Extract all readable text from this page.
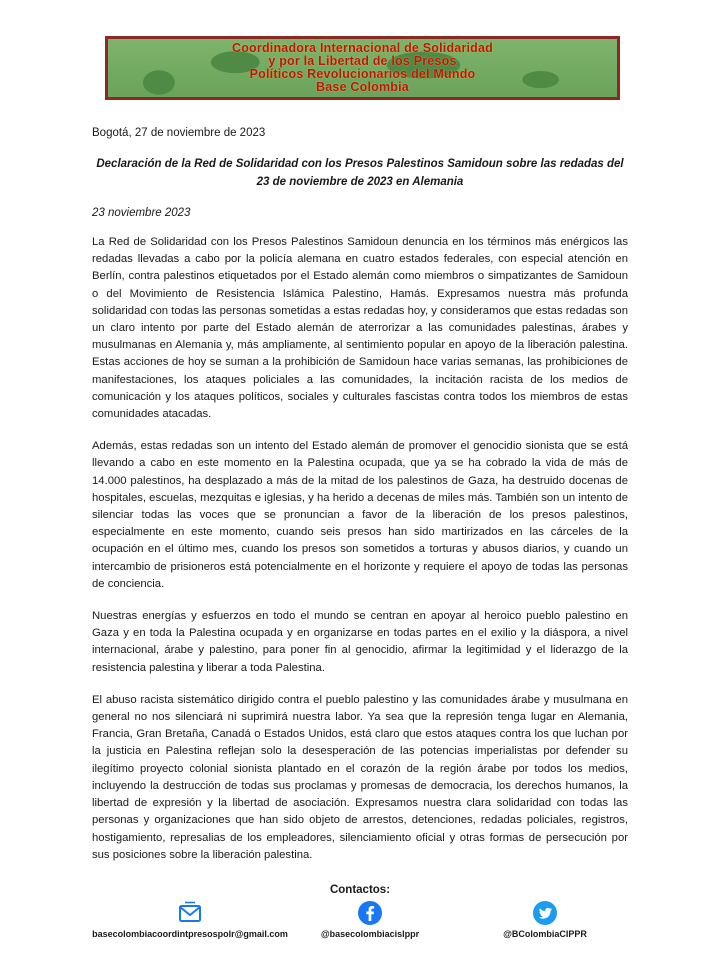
Coordinadora Internacional de Solidaridad
y por la Libertad de los Presos
Políticos Revolucionarios del Mundo
Base Colombia
Bogotá, 27 de noviembre de 2023
Declaración de la Red de Solidaridad con los Presos Palestinos Samidoun sobre las redadas del 23 de noviembre de 2023 en Alemania
23 noviembre 2023

La Red de Solidaridad con los Presos Palestinos Samidoun denuncia en los términos más enérgicos las redadas llevadas a cabo por la policía alemana en cuatro estados federales, con especial atención en Berlín, contra palestinos etiquetados por el Estado alemán como miembros o simpatizantes de Samidoun o del Movimiento de Resistencia Islámica Palestino, Hamás. Expresamos nuestra más profunda solidaridad con todas las personas sometidas a estas redadas hoy, y consideramos que estas redadas son un claro intento por parte del Estado alemán de aterrorizar a las comunidades palestinas, árabes y musulmanas en Alemania y, más ampliamente, al sentimiento popular en apoyo de la liberación palestina. Estas acciones de hoy se suman a la prohibición de Samidoun hace varias semanas, las prohibiciones de manifestaciones, los ataques policiales a las comunidades, la incitación racista de los medios de comunicación y los ataques políticos, sociales y culturales fascistas contra todos los miembros de estas comunidades atacadas.

Además, estas redadas son un intento del Estado alemán de promover el genocidio sionista que se está llevando a cabo en este momento en la Palestina ocupada, que ya se ha cobrado la vida de más de 14.000 palestinos, ha desplazado a más de la mitad de los palestinos de Gaza, ha destruido docenas de hospitales, escuelas, mezquitas e iglesias, y ha herido a decenas de miles más. También son un intento de silenciar todas las voces que se pronuncian a favor de la liberación de los presos palestinos, especialmente en este momento, cuando seis presos han sido martirizados en las cárceles de la ocupación en el último mes, cuando los presos son sometidos a torturas y abusos diarios, y cuando un intercambio de prisioneros está potencialmente en el horizonte y requiere el apoyo de todas las personas de conciencia.

Nuestras energías y esfuerzos en todo el mundo se centran en apoyar al heroico pueblo palestino en Gaza y en toda la Palestina ocupada y en organizarse en todas partes en el exilio y la diáspora, a nivel internacional, árabe y palestino, para poner fin al genocidio, afirmar la legitimidad y el liderazgo de la resistencia palestina y liberar a toda Palestina.

El abuso racista sistemático dirigido contra el pueblo palestino y las comunidades árabe y musulmana en general no nos silenciará ni suprimirá nuestra labor. Ya sea que la represión tenga lugar en Alemania, Francia, Gran Bretaña, Canadá o Estados Unidos, está claro que estos ataques contra los que luchan por la justicia en Palestina reflejan solo la desesperación de las potencias imperialistas por defender su ilegítimo proyecto colonial sionista plantado en el corazón de la región árabe por todos los medios, incluyendo la destrucción de todas sus proclamas y promesas de democracia, los derechos humanos, la libertad de expresión y la libertad de asociación. Expresamos nuestra clara solidaridad con todas las personas y organizaciones que han sido objeto de arrestos, detenciones, redadas policiales, registros, hostigamiento, represalias de los empleadores, silenciamiento oficial y otras formas de persecución por sus posiciones sobre la liberación palestina.

Contactos:
basecolombiacoordintpresospolr@gmail.com	@basecolombiacislppr	@BColombiaCIPPR
